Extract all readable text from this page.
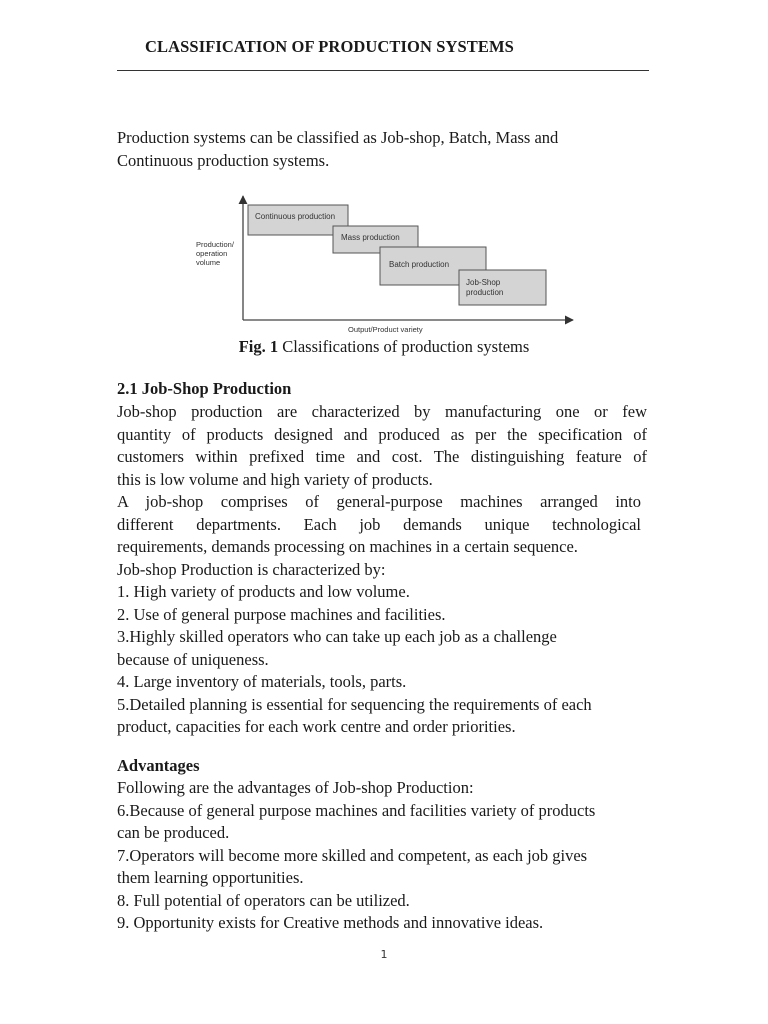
CLASSIFICATION OF PRODUCTION SYSTEMS
Production systems can be classified as Job-shop, Batch, Mass and
Continuous production systems.
Production/ operation volume
Output/Product variety
Continuous production
Mass production
Batch production
Job-Shop production
Fig. 1 Classifications of production systems
2.1 Job-Shop Production
Job-shop production are characterized by manufacturing one or few
quantity of products designed and produced as per the specification of
customers within prefixed time and cost. The distinguishing feature of
this is low volume and high variety of products.
A job-shop comprises of general-purpose machines arranged into
different departments. Each job demands unique technological
requirements, demands processing on machines in a certain sequence.
Job-shop Production is characterized by:
1. High variety of products and low volume.
2. Use of general purpose machines and facilities.
3.Highly skilled operators who can take up each job as a challenge
because of uniqueness.
4. Large inventory of materials, tools, parts.
5.Detailed planning is essential for sequencing the requirements of each
product, capacities for each work centre and order priorities.
Advantages
Following are the advantages of Job-shop Production:
6.Because of general purpose machines and facilities variety of products
can be produced.
7.Operators will become more skilled and competent, as each job gives
them learning opportunities.
8. Full potential of operators can be utilized.
9. Opportunity exists for Creative methods and innovative ideas.
1
